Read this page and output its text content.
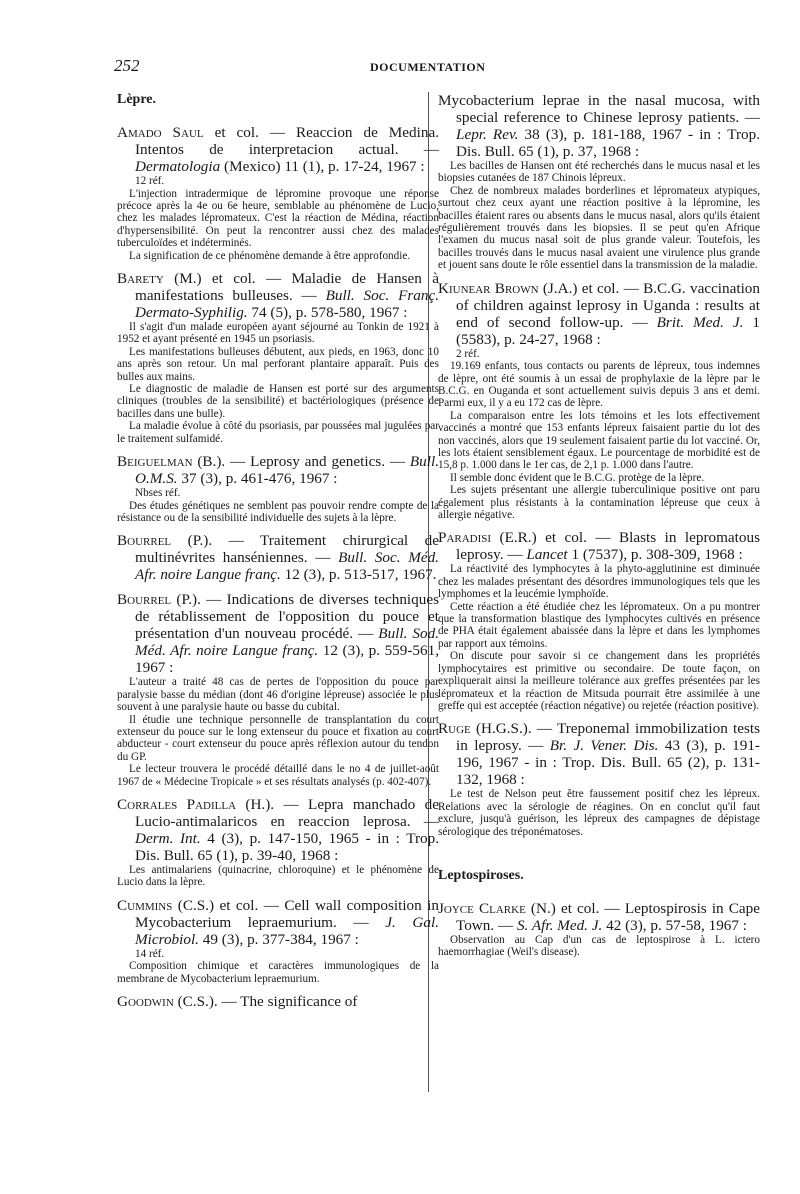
252	DOCUMENTATION
Lèpre.

Amado Saul et col. — Reaccion de Medina. Intentos de interpretacion actual. — Dermatologia (Mexico) 11 (1), p. 17-24, 1967 :

12 réf.

L'injection intradermique de lépromine provoque une réponse précoce après la 4e ou 6e heure, semblable au phénomène de Lucio, chez les malades lépromateux. C'est la réaction de Médina, réaction d'hypersensibilité. On peut la rencontrer aussi chez des malades tuberculoïdes et indéterminés.

La signification de ce phénomène demande à être approfondie.

Barety (M.) et col. — Maladie de Hansen à manifestations bulleuses. — Bull. Soc. Franç. Dermato-Syphilig. 74 (5), p. 578-580, 1967 :

Il s'agit d'un malade européen ayant séjourné au Tonkin de 1921 à 1952 et ayant présenté en 1945 un psoriasis.

Les manifestations bulleuses débutent, aux pieds, en 1963, donc 10 ans après son retour. Un mal perforant plantaire apparaît. Puis des bulles aux mains.

Le diagnostic de maladie de Hansen est porté sur des arguments cliniques (troubles de la sensibilité) et bactériologiques (présence de bacilles dans une bulle).

La maladie évolue à côté du psoriasis, par poussées mal jugulées par le traitement sulfamidé.

Beiguelman (B.). — Leprosy and genetics. — Bull. O.M.S. 37 (3), p. 461-476, 1967 :

Nbses réf.

Des études génétiques ne semblent pas pouvoir rendre compte de la résistance ou de la sensibilité individuelle des sujets à la lèpre.

Bourrel (P.). — Traitement chirurgical de multinévrites hanséniennes. — Bull. Soc. Méd. Afr. noire Langue franç. 12 (3), p. 513-517, 1967.

Bourrel (P.). — Indications de diverses techniques de rétablissement de l'opposition du pouce et présentation d'un nouveau procédé. — Bull. Sod. Méd. Afr. noire Langue franç. 12 (3), p. 559-561, 1967 :

L'auteur a traité 48 cas de pertes de l'opposition du pouce par paralysie basse du médian (dont 46 d'origine lépreuse) associée le plus souvent à une paralysie haute ou basse du cubital.

Il étudie une technique personnelle de transplantation du court extenseur du pouce sur le long extenseur du pouce et fixation au court abducteur - court extenseur du pouce après réflexion autour du tendon du GP.

Le lecteur trouvera le procédé détaillé dans le no 4 de juillet-août 1967 de « Médecine Tropicale » et ses résultats analysés (p. 402-407).

Corrales Padilla (H.). — Lepra manchado de Lucio-antimalaricos en reaccion leprosa. — Derm. Int. 4 (3), p. 147-150, 1965 - in : Trop. Dis. Bull. 65 (1), p. 39-40, 1968 :

Les antimalariens (quinacrine, chloroquine) et le phénomène de Lucio dans la lèpre.

Cummins (C.S.) et col. — Cell wall composition in Mycobacterium lepraemurium. — J. Gal. Microbiol. 49 (3), p. 377-384, 1967 :

14 réf.

Composition chimique et caractères immunologiques de la membrane de Mycobacterium lepraemurium.

Goodwin (C.S.). — The significance of

Mycobacterium leprae in the nasal mucosa, with special reference to Chinese leprosy patients. — Lepr. Rev. 38 (3), p. 181-188, 1967 - in : Trop. Dis. Bull. 65 (1), p. 37, 1968 :

Les bacilles de Hansen ont été recherchés dans le mucus nasal et les biopsies cutanées de 187 Chinois lépreux.

Chez de nombreux malades borderlines et lépromateux atypiques, surtout chez ceux ayant une réaction positive à la lépromine, les bacilles étaient rares ou absents dans le mucus nasal, alors qu'ils étaient régulièrement trouvés dans les biopsies. Il se peut qu'en Afrique l'examen du mucus nasal soit de plus grande valeur. Toutefois, les bacilles trouvés dans le mucus nasal avaient une virulence plus grande et jouent sans doute le rôle essentiel dans la transmission de la maladie.

Kiunear Brown (J.A.) et col. — B.C.G. vaccination of children against leprosy in Uganda : results at end of second follow-up. — Brit. Med. J. 1 (5583), p. 24-27, 1968 :

2 réf.

19.169 enfants, tous contacts ou parents de lépreux, tous indemnes de lèpre, ont été soumis à un essai de prophylaxie de la lèpre par le B.C.G. en Ouganda et sont actuellement suivis depuis 3 ans et demi. Parmi eux, il y a eu 172 cas de lèpre.

La comparaison entre les lots témoins et les lots effectivement vaccinés a montré que 153 enfants lépreux faisaient partie du lot des non vaccinés, alors que 19 seulement faisaient partie du lot vacciné. Or, les lots étaient sensiblement égaux. Le pourcentage de morbidité est de 15,8 p. 1.000 dans le 1er cas, de 2,1 p. 1.000 dans l'autre.

Il semble donc évident que le B.C.G. protège de la lèpre.

Les sujets présentant une allergie tuberculinique positive ont paru également plus résistants à la contamination lépreuse que ceux à allergie négative.

Paradisi (E.R.) et col. — Blasts in lepromatous leprosy. — Lancet 1 (7537), p. 308-309, 1968 :

La réactivité des lymphocytes à la phyto-agglutinine est diminuée chez les malades présentant des désordres immunologiques tels que les lymphomes et la leucémie lymphoïde.

Cette réaction a été étudiée chez les lépromateux. On a pu montrer que la transformation blastique des lymphocytes cultivés en présence de PHA était également abaissée dans la lèpre et dans les lymphomes par rapport aux témoins.

On discute pour savoir si ce changement dans les propriétés lymphocytaires est primitive ou secondaire. De toute façon, on expliquerait ainsi la meilleure tolérance aux greffes présentées par les lépromateux et la réaction de Mitsuda pourrait être assimilée à une greffe qui est acceptée (réaction négative) ou rejetée (réaction positive).

Ruge (H.G.S.). — Treponemal immobilization tests in leprosy. — Br. J. Vener. Dis. 43 (3), p. 191-196, 1967 - in : Trop. Dis. Bull. 65 (2), p. 131-132, 1968 :

Le test de Nelson peut être faussement positif chez les lépreux. Relations avec la sérologie de réagines. On en conclut qu'il faut exclure, jusqu'à guérison, les lépreux des campagnes de dépistage sérologique des tréponématoses.

Leptospiroses.

Joyce Clarke (N.) et col. — Leptospirosis in Cape Town. — S. Afr. Med. J. 42 (3), p. 57-58, 1967 :

Observation au Cap d'un cas de leptospirose à L. ictero haemorrhagiae (Weil's disease).
